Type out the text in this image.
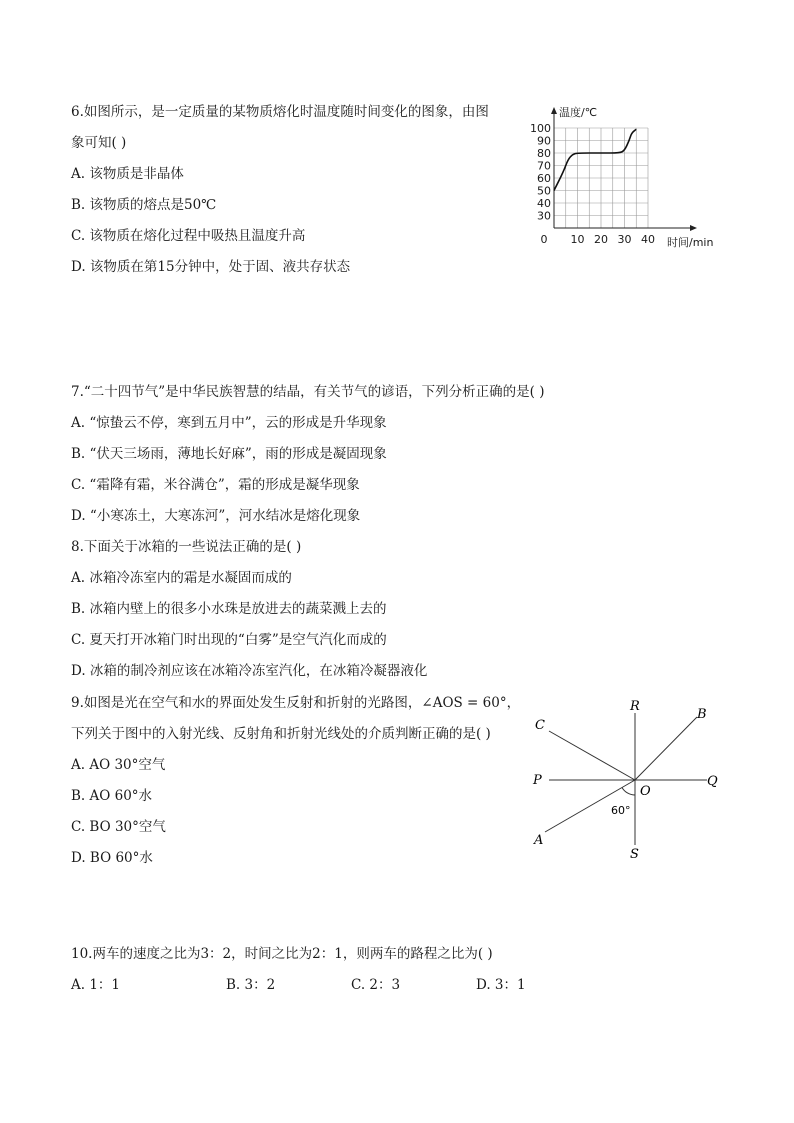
6.如图所示，是一定质量的某物质熔化时温度随时间变化的图象，由图

象可知( )

A. 该物质是非晶体

B. 该物质的熔点是50℃

C. 该物质在熔化过程中吸热且温度升高

D. 该物质在第15分钟中，处于固、液共存状态

30
40
50
60
70
80
90
100
0 10 20 30 40
温度/℃
时间/min

7.“二十四节气”是中华民族智慧的结晶，有关节气的谚语，下列分析正确的是( )

A. “惊蛰云不停，寒到五月中”，云的形成是升华现象

B. “伏天三场雨，薄地长好麻”，雨的形成是凝固现象

C. “霜降有霜，米谷满仓”，霜的形成是凝华现象

D. “小寒冻土，大寒冻河”，河水结冰是熔化现象

8.下面关于冰箱的一些说法正确的是( )

A. 冰箱冷冻室内的霜是水凝固而成的

B. 冰箱内壁上的很多小水珠是放进去的蔬菜溅上去的

C. 夏天打开冰箱门时出现的“白雾”是空气汽化而成的

D. 冰箱的制冷剂应该在冰箱冷冻室汽化，在冰箱冷凝器液化

9.如图是光在空气和水的界面处发生反射和折射的光路图，∠AOS = 60°，

下列关于图中的入射光线、反射角和折射光线处的介质判断正确的是( )

A. AO 30°空气

B. AO 60°水

C. BO 30°空气

D. BO 60°水

R
B
C
P
O
Q
A
S
60°

10.两车的速度之比为3：2，时间之比为2：1，则两车的路程之比为( )

A. 1：1	B. 3：2	C. 2：3	D. 3：1
